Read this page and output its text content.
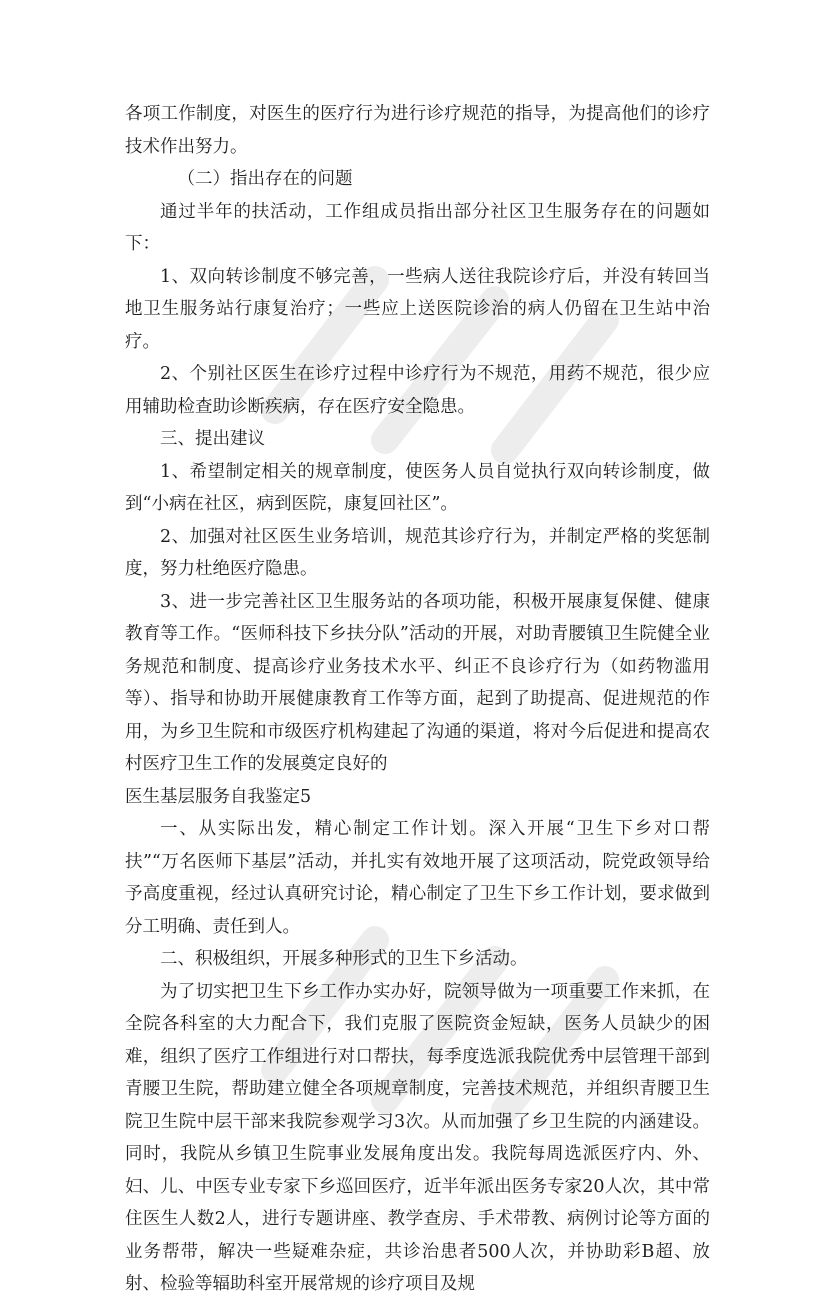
各项工作制度，对医生的医疗行为进行诊疗规范的指导，为提高他们的诊疗技术作出努力。

（二）指出存在的问题

通过半年的扶活动，工作组成员指出部分社区卫生服务存在的问题如下：

1、双向转诊制度不够完善，一些病人送往我院诊疗后，并没有转回当地卫生服务站行康复治疗；一些应上送医院诊治的病人仍留在卫生站中治疗。

2、个别社区医生在诊疗过程中诊疗行为不规范，用药不规范，很少应用辅助检查助诊断疾病，存在医疗安全隐患。

三、提出建议

1、希望制定相关的规章制度，使医务人员自觉执行双向转诊制度，做到“小病在社区，病到医院，康复回社区”。

2、加强对社区医生业务培训，规范其诊疗行为，并制定严格的奖惩制度，努力杜绝医疗隐患。

3、进一步完善社区卫生服务站的各项功能，积极开展康复保健、健康教育等工作。“医师科技下乡扶分队”活动的开展，对助青腰镇卫生院健全业务规范和制度、提高诊疗业务技术水平、纠正不良诊疗行为（如药物滥用等）、指导和协助开展健康教育工作等方面，起到了助提高、促进规范的作用，为乡卫生院和市级医疗机构建起了沟通的渠道，将对今后促进和提高农村医疗卫生工作的发展奠定良好的

医生基层服务自我鉴定5

一、从实际出发，精心制定工作计划。深入开展“卫生下乡对口帮扶”“万名医师下基层”活动，并扎实有效地开展了这项活动，院党政领导给予高度重视，经过认真研究讨论，精心制定了卫生下乡工作计划，要求做到分工明确、责任到人。

二、积极组织，开展多种形式的卫生下乡活动。

为了切实把卫生下乡工作办实办好，院领导做为一项重要工作来抓，在全院各科室的大力配合下，我们克服了医院资金短缺，医务人员缺少的困难，组织了医疗工作组进行对口帮扶，每季度选派我院优秀中层管理干部到青腰卫生院，帮助建立健全各项规章制度，完善技术规范，并组织青腰卫生院卫生院中层干部来我院参观学习3次。从而加强了乡卫生院的内涵建设。同时，我院从乡镇卫生院事业发展角度出发。我院每周选派医疗内、外、妇、儿、中医专业专家下乡巡回医疗，近半年派出医务专家20人次，其中常住医生人数2人，进行专题讲座、教学查房、手术带教、病例讨论等方面的业务帮带，解决一些疑难杂症，共诊治患者500人次，并协助彩B超、放射、检验等辐助科室开展常规的诊疗项目及规
